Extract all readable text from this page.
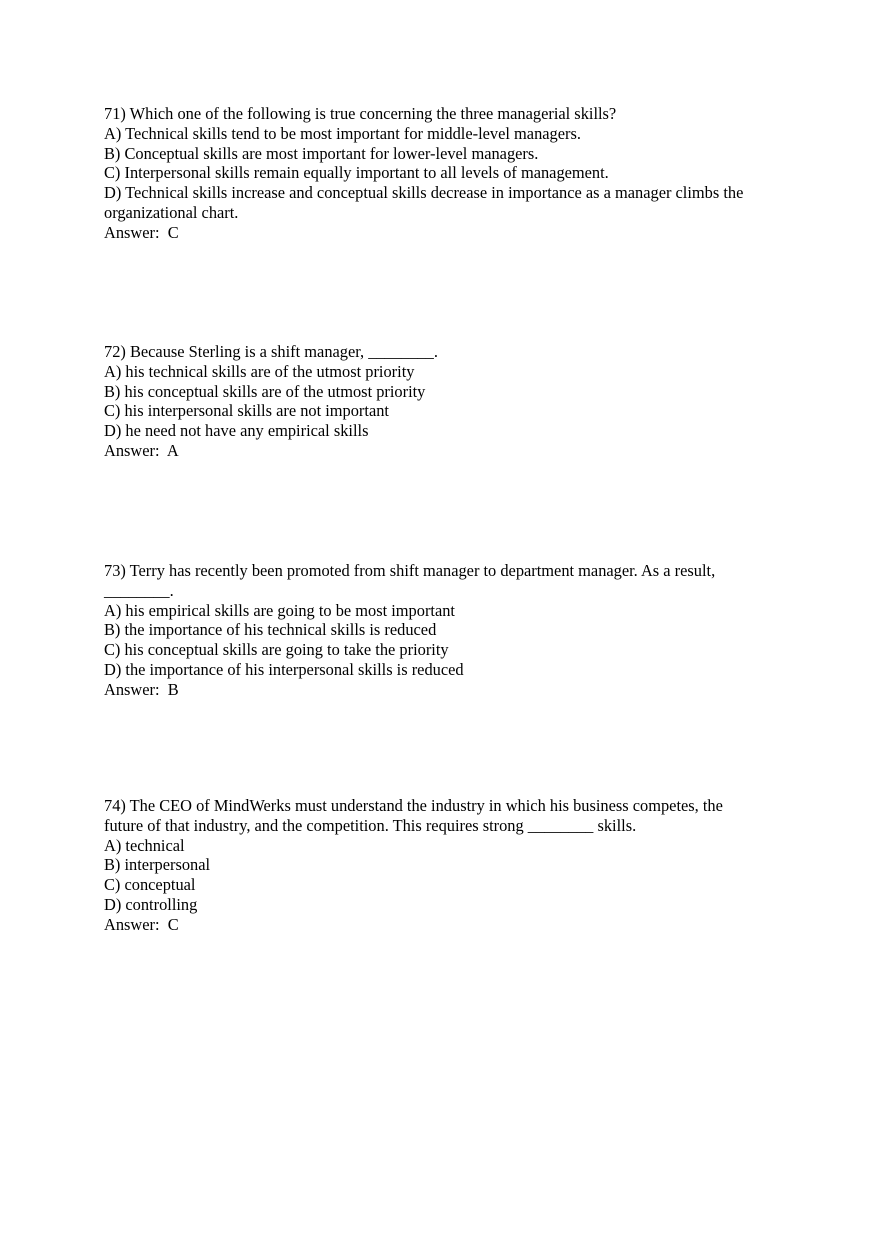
71) Which one of the following is true concerning the three managerial skills?
A) Technical skills tend to be most important for middle-level managers.
B) Conceptual skills are most important for lower-level managers.
C) Interpersonal skills remain equally important to all levels of management.
D) Technical skills increase and conceptual skills decrease in importance as a manager climbs the organizational chart.
Answer:  C
72) Because Sterling is a shift manager, ________.
A) his technical skills are of the utmost priority
B) his conceptual skills are of the utmost priority
C) his interpersonal skills are not important
D) he need not have any empirical skills
Answer:  A
73) Terry has recently been promoted from shift manager to department manager. As a result, ________.
A) his empirical skills are going to be most important
B) the importance of his technical skills is reduced
C) his conceptual skills are going to take the priority
D) the importance of his interpersonal skills is reduced
Answer:  B
74) The CEO of MindWerks must understand the industry in which his business competes, the future of that industry, and the competition. This requires strong ________ skills.
A) technical
B) interpersonal
C) conceptual
D) controlling
Answer:  C
